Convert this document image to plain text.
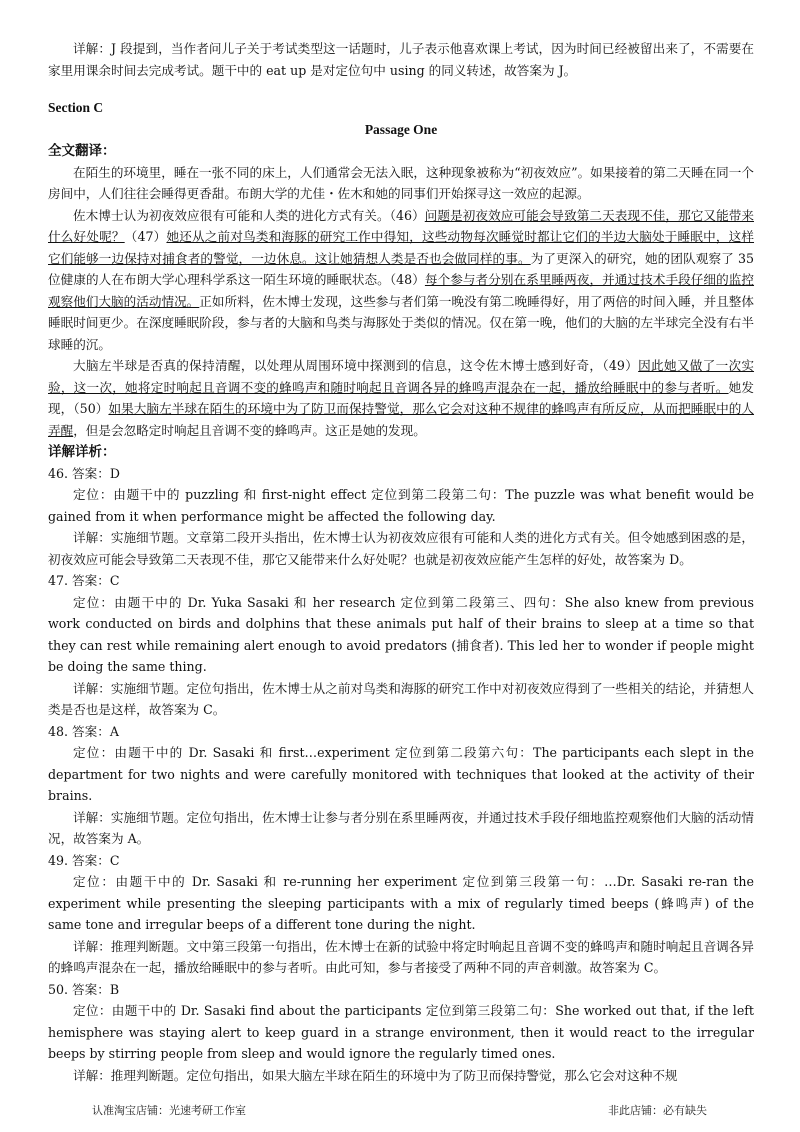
详解：J 段提到，当作者问儿子关于考试类型这一话题时，儿子表示他喜欢课上考试，因为时间已经被留出来了，不需要在家里用课余时间去完成考试。题干中的 eat up 是对定位句中 using 的同义转述，故答案为 J。

Section C

Passage One

全文翻译：

在陌生的环境里，睡在一张不同的床上，人们通常会无法入眠，这种现象被称为“初夜效应”。如果接着的第二天睡在同一个房间中，人们往往会睡得更香甜。布朗大学的尤佳・佐木和她的同事们开始探寻这一效应的起源。

佐木博士认为初夜效应很有可能和人类的进化方式有关。（46）问题是初夜效应可能会导致第二天表现不佳，那它又能带来什么好处呢？（47）她还从之前对鸟类和海豚的研究工作中得知，这些动物每次睡觉时都让它们的半边大脑处于睡眠中，这样它们能够一边保持对捕食者的警觉，一边休息。这让她猜想人类是否也会做同样的事。为了更深入的研究，她的团队观察了 35 位健康的人在布朗大学心理科学系这一陌生环境的睡眠状态。（48）每个参与者分别在系里睡两夜，并通过技术手段仔细的监控观察他们大脑的活动情况。正如所料，佐木博士发现，这些参与者们第一晚没有第二晚睡得好，用了两倍的时间入睡，并且整体睡眠时间更少。在深度睡眠阶段，参与者的大脑和鸟类与海豚处于类似的情况。仅在第一晚，他们的大脑的左半球完全没有右半球睡的沉。

大脑左半球是否真的保持清醒，以处理从周围环境中探测到的信息，这令佐木博士感到好奇，（49）因此她又做了一次实验，这一次，她将定时响起且音调不变的蜂鸣声和随时响起且音调各异的蜂鸣声混杂在一起，播放给睡眠中的参与者听。她发现，（50）如果大脑左半球在陌生的环境中为了防卫而保持警觉，那么它会对这种不规律的蜂鸣声有所反应，从而把睡眠中的人弄醒，但是会忽略定时响起且音调不变的蜂鸣声。这正是她的发现。

详解详析：

46. 答案：D

定位：由题干中的 puzzling 和 first-night effect 定位到第二段第二句：The puzzle was what benefit would be gained from it when performance might be affected the following day.

详解：实施细节题。文章第二段开头指出，佐木博士认为初夜效应很有可能和人类的进化方式有关。但令她感到困惑的是，初夜效应可能会导致第二天表现不佳，那它又能带来什么好处呢？也就是初夜效应能产生怎样的好处，故答案为 D。

47. 答案：C

定位：由题干中的 Dr. Yuka Sasaki 和 her research 定位到第二段第三、四句：She also knew from previous work conducted on birds and dolphins that these animals put half of their brains to sleep at a time so that they can rest while remaining alert enough to avoid predators (捕食者). This led her to wonder if people might be doing the same thing.

详解：实施细节题。定位句指出，佐木博士从之前对鸟类和海豚的研究工作中对初夜效应得到了一些相关的结论，并猜想人类是否也是这样，故答案为 C。

48. 答案：A

定位：由题干中的 Dr. Sasaki 和 first…experiment 定位到第二段第六句：The participants each slept in the department for two nights and were carefully monitored with techniques that looked at the activity of their brains.

详解：实施细节题。定位句指出，佐木博士让参与者分别在系里睡两夜，并通过技术手段仔细地监控观察他们大脑的活动情况，故答案为 A。

49. 答案：C

定位：由题干中的 Dr. Sasaki 和 re-running her experiment 定位到第三段第一句：…Dr. Sasaki re-ran the experiment while presenting the sleeping participants with a mix of regularly timed beeps (蜂鸣声) of the same tone and irregular beeps of a different tone during the night.

详解：推理判断题。文中第三段第一句指出，佐木博士在新的试验中将定时响起且音调不变的蜂鸣声和随时响起且音调各异的蜂鸣声混杂在一起，播放给睡眠中的参与者听。由此可知，参与者接受了两种不同的声音刺激。故答案为 C。

50. 答案：B

定位：由题干中的 Dr. Sasaki find about the participants 定位到第三段第二句：She worked out that, if the left hemisphere was staying alert to keep guard in a strange environment, then it would react to the irregular beeps by stirring people from sleep and would ignore the regularly timed ones.

详解：推理判断题。定位句指出，如果大脑左半球在陌生的环境中为了防卫而保持警觉，那么它会对这种不规

认准淘宝店铺：光速考研工作室	非此店铺：必有缺失
